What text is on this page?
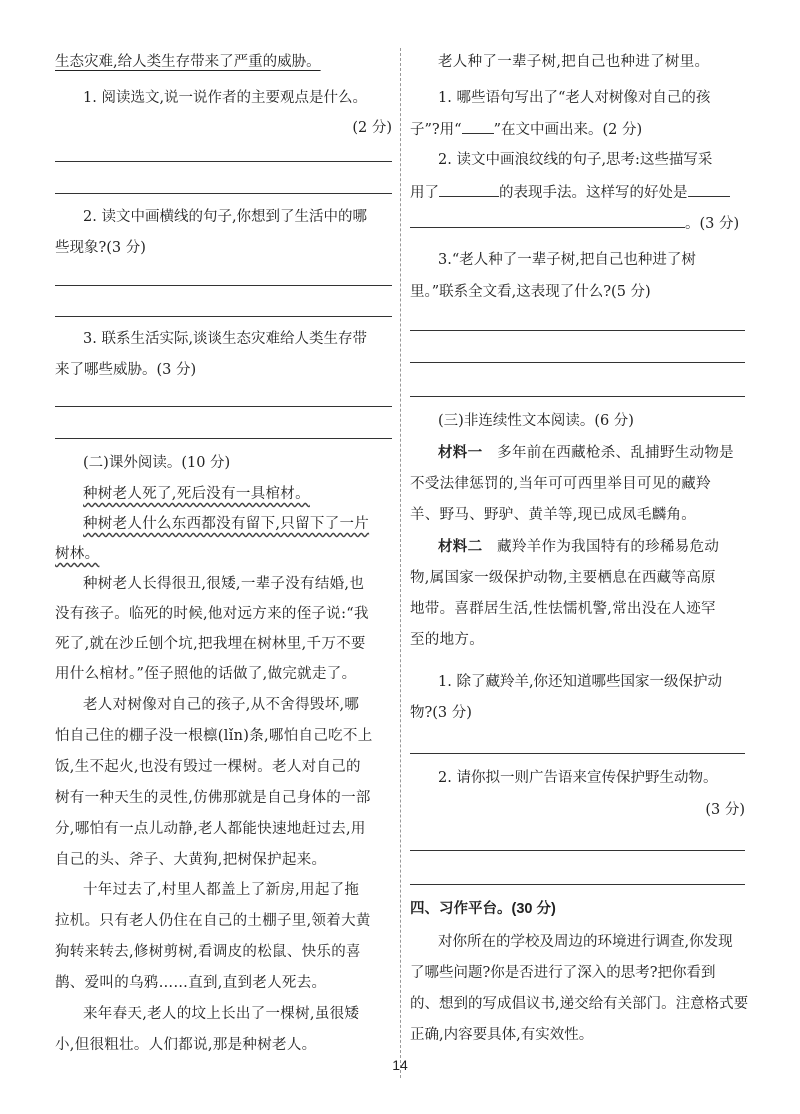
生态灾难,给人类生存带来了严重的威胁。
1. 阅读选文,说一说作者的主要观点是什么。
(2 分)
2. 读文中画横线的句子,你想到了生活中的哪
些现象?(3 分)
3. 联系生活实际,谈谈生态灾难给人类生存带
来了哪些威胁。(3 分)
(二)课外阅读。(10 分)
种树老人死了,死后没有一具棺材。
种树老人什么东西都没有留下,只留下了一片
树林。
种树老人长得很丑,很矮,一辈子没有结婚,也
没有孩子。临死的时候,他对远方来的侄子说:“我
死了,就在沙丘刨个坑,把我埋在树林里,千万不要
用什么棺材。”侄子照他的话做了,做完就走了。
老人对树像对自己的孩子,从不舍得毁坏,哪
怕自己住的棚子没一根檩(lǐn)条,哪怕自己吃不上
饭,生不起火,也没有毁过一棵树。老人对自己的
树有一种天生的灵性,仿佛那就是自己身体的一部
分,哪怕有一点儿动静,老人都能快速地赶过去,用
自己的头、斧子、大黄狗,把树保护起来。
十年过去了,村里人都盖上了新房,用起了拖
拉机。只有老人仍住在自己的土棚子里,领着大黄
狗转来转去,修树剪树,看调皮的松鼠、快乐的喜
鹊、爱叫的乌鸦……直到,直到老人死去。
来年春天,老人的坟上长出了一棵树,虽很矮
小,但很粗壮。人们都说,那是种树老人。
老人种了一辈子树,把自己也种进了树里。
1. 哪些语句写出了“老人对树像对自己的孩
子”?用“ ”在文中画出来。(2 分)
2. 读文中画浪纹线的句子,思考:这些描写采
用了	的表现手法。这样写的好处是
。(3 分)
3.“老人种了一辈子树,把自己也种进了树
里。”联系全文看,这表现了什么?(5 分)
(三)非连续性文本阅读。(6 分)
材料一 多年前在西藏枪杀、乱捕野生动物是
不受法律惩罚的,当年可可西里举目可见的藏羚
羊、野马、野驴、黄羊等,现已成凤毛麟角。
材料二 藏羚羊作为我国特有的珍稀易危动
物,属国家一级保护动物,主要栖息在西藏等高原
地带。喜群居生活,性怯懦机警,常出没在人迹罕
至的地方。
1. 除了藏羚羊,你还知道哪些国家一级保护动
物?(3 分)
2. 请你拟一则广告语来宣传保护野生动物。
(3 分)
四、习作平台。(30 分)
对你所在的学校及周边的环境进行调查,你发现
了哪些问题?你是否进行了深入的思考?把你看到
的、想到的写成倡议书,递交给有关部门。注意格式要
正确,内容要具体,有实效性。
14
